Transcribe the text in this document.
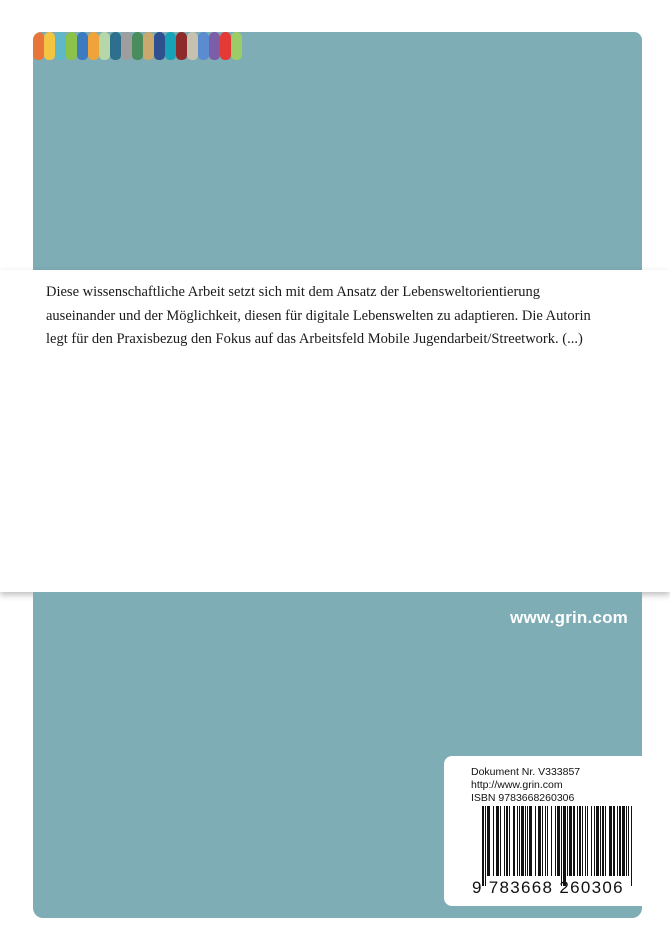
Diese wissenschaftliche Arbeit setzt sich mit dem Ansatz der Lebensweltorientierung auseinander und der Möglichkeit, diesen für digitale Lebenswelten zu adaptieren. Die Autorin legt für den Praxisbezug den Fokus auf das Arbeitsfeld Mobile Jugendarbeit/Streetwork. (...)

www.grin.com
Dokument Nr. V333857
http://www.grin.com
ISBN 9783668260306
9 783668 260306
